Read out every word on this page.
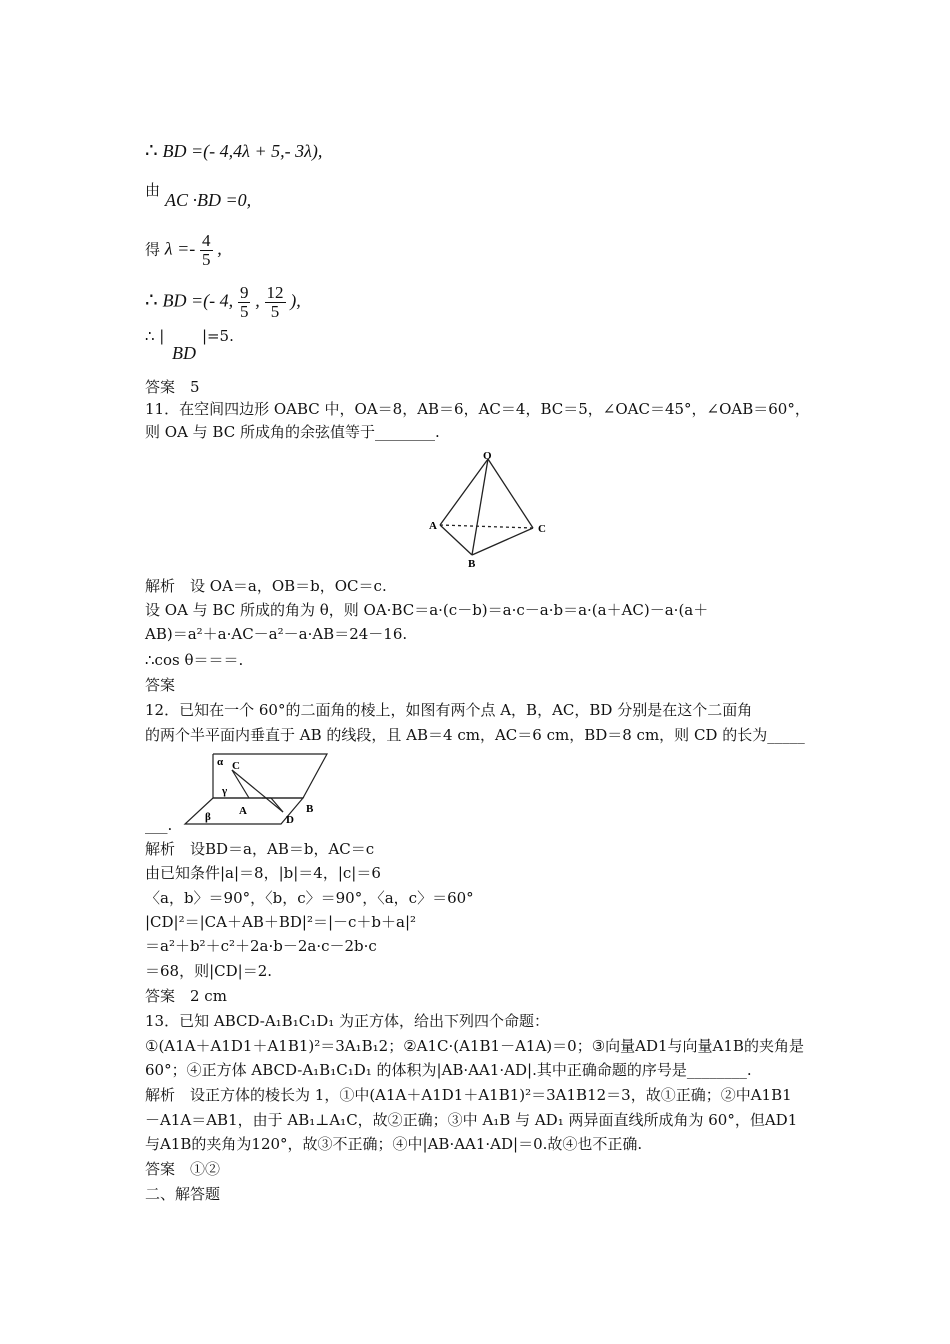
∴ BD =(- 4,4λ + 5,- 3λ),
由 AC ·BD =0,
得 $\lambda =- \frac{4}{5}$ ,
∴ BD =(- 4, $\frac{9}{5}$ , $\frac{12}{5}$ ),
∴ |	|=5.
BD
答案　5
11．在空间四边形 OABC 中，OA＝8，AB＝6，AC＝4，BC＝5，∠OAC＝45°，∠OAB＝60°，
则 OA 与 BC 所成角的余弦值等于________.
O
A
B
C
解析　设 OA＝a，OB＝b，OC＝c.
设 OA 与 BC 所成的角为 θ，则 OA·BC＝a·(c－b)＝a·c－a·b＝a·(a＋AC)－a·(a＋
AB)＝a²＋a·AC－a²－a·AB＝24－16.
∴cos θ＝＝＝.
答案
12．已知在一个 60°的二面角的棱上，如图有两个点 A，B，AC，BD 分别是在这个二面角
的两个半平面内垂直于 AB 的线段，且 AB＝4 cm，AC＝6 cm，BD＝8 cm，则 CD 的长为_____
α C
γ
β	A
D
B
___.
解析　设BD＝a，AB＝b，AC＝c
由已知条件|a|＝8，|b|＝4，|c|＝6
〈a，b〉＝90°，〈b，c〉＝90°，〈a，c〉＝60°
|CD|²＝|CA＋AB＋BD|²＝|－c＋b＋a|²
＝a²＋b²＋c²＋2a·b－2a·c－2b·c
＝68，则|CD|＝2.
答案　2 cm
13．已知 ABCD-A₁B₁C₁D₁ 为正方体，给出下列四个命题：
①(A1A＋A1D1＋A1B1)²＝3A₁B₁2；②A1C·(A1B1－A1A)＝0；③向量AD1与向量A1B的夹角是
60°；④正方体 ABCD-A₁B₁C₁D₁ 的体积为|AB·AA1·AD|.其中正确命题的序号是________.
解析　设正方体的棱长为 1，①中(A1A＋A1D1＋A1B1)²＝3A1B12＝3，故①正确；②中A1B1
－A1A＝AB1，由于 AB₁⊥A₁C，故②正确；③中 A₁B 与 AD₁ 两异面直线所成角为 60°，但AD1
与A1B的夹角为120°，故③不正确；④中|AB·AA1·AD|＝0.故④也不正确.
答案　①②
二、解答题
